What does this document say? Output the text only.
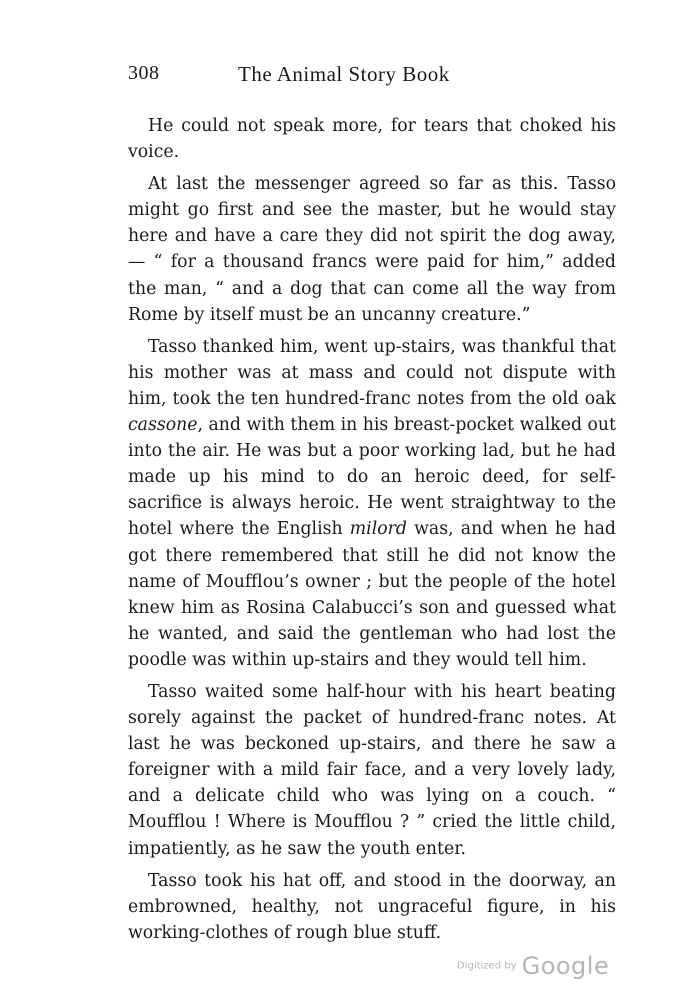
308	The Animal Story Book

He could not speak more, for tears that choked his voice.

At last the messenger agreed so far as this. Tasso might go first and see the master, but he would stay here and have a care they did not spirit the dog away, — “ for a thousand francs were paid for him,” added the man, “ and a dog that can come all the way from Rome by itself must be an uncanny creature.”

Tasso thanked him, went up-stairs, was thankful that his mother was at mass and could not dispute with him, took the ten hundred-franc notes from the old oak cassone, and with them in his breast-pocket walked out into the air. He was but a poor working lad, but he had made up his mind to do an heroic deed, for self-sacrifice is always heroic. He went straightway to the hotel where the English milord was, and when he had got there remembered that still he did not know the name of Moufflou’s owner ; but the people of the hotel knew him as Rosina Calabucci’s son and guessed what he wanted, and said the gentleman who had lost the poodle was within up-stairs and they would tell him.

Tasso waited some half-hour with his heart beating sorely against the packet of hundred-franc notes. At last he was beckoned up-stairs, and there he saw a foreigner with a mild fair face, and a very lovely lady, and a delicate child who was lying on a couch. “ Moufflou ! Where is Moufflou ? ” cried the little child, impatiently, as he saw the youth enter.

Tasso took his hat off, and stood in the doorway, an embrowned, healthy, not ungraceful figure, in his working-clothes of rough blue stuff.

Digitized by Google
